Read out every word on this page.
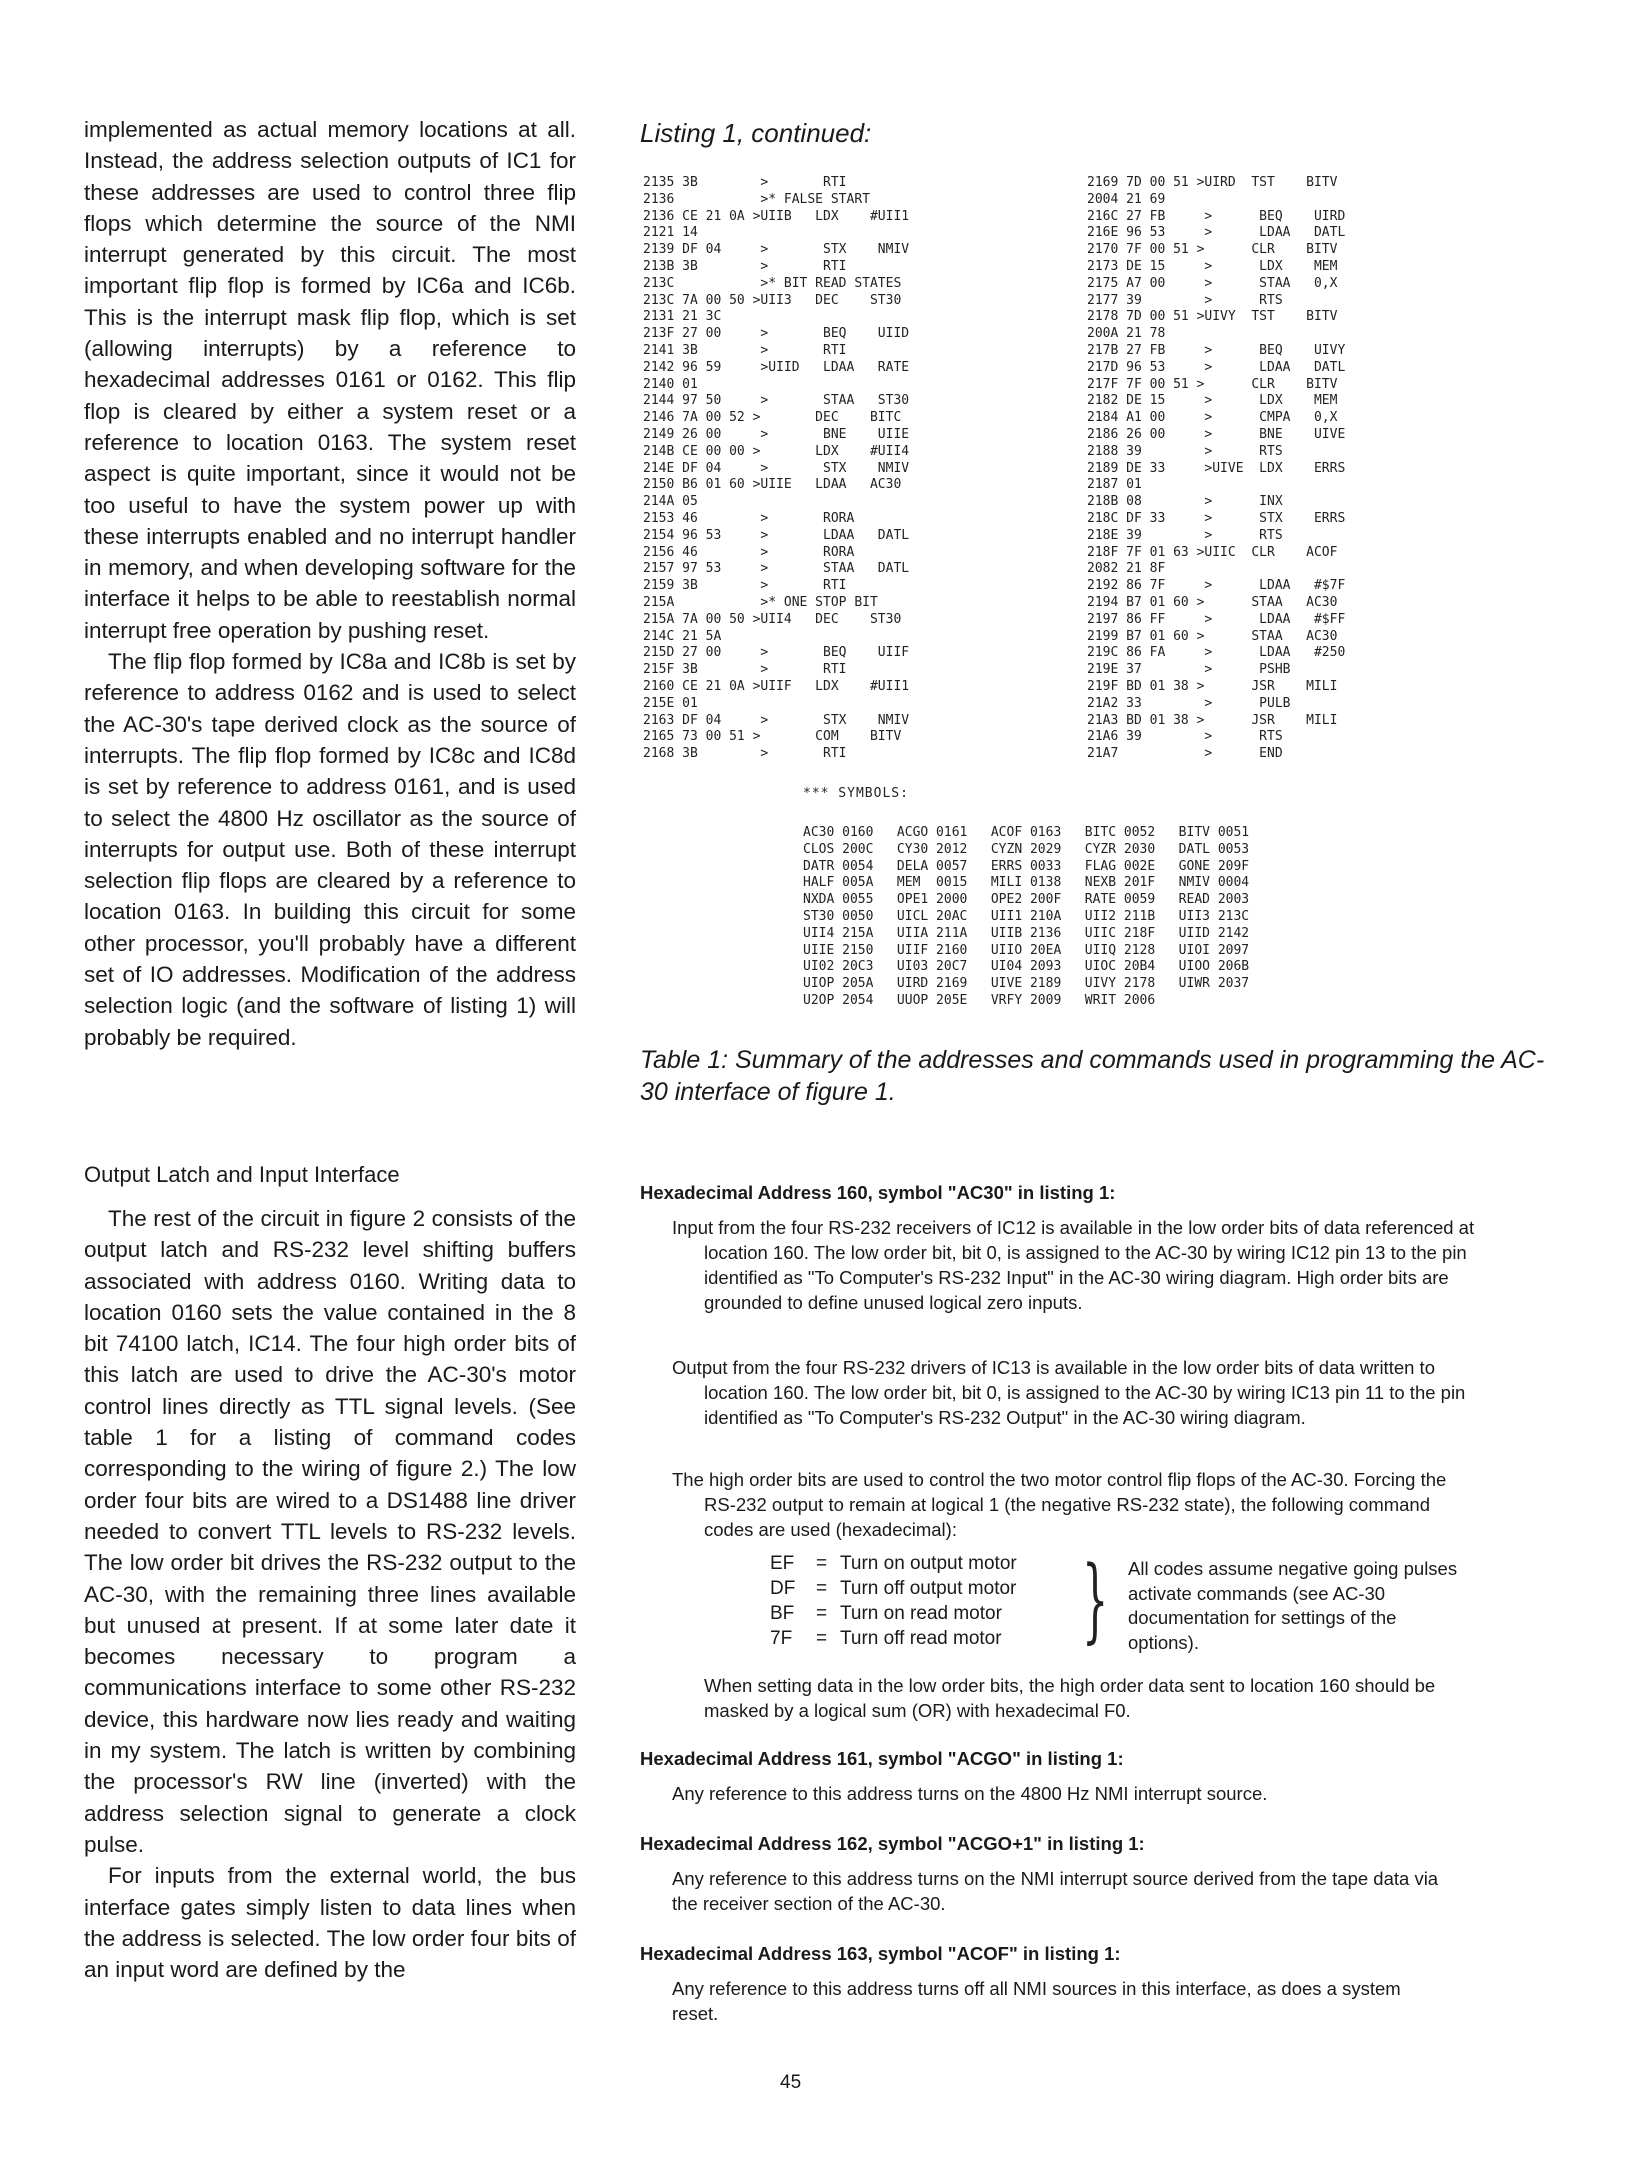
implemented as actual memory locations at all. Instead, the address selection outputs of IC1 for these addresses are used to control three flip flops which determine the source of the NMI interrupt generated by this circuit. The most important flip flop is formed by IC6a and IC6b. This is the interrupt mask flip flop, which is set (allowing interrupts) by a reference to hexadecimal addresses 0161 or 0162. This flip flop is cleared by either a system reset or a reference to location 0163. The system reset aspect is quite important, since it would not be too useful to have the system power up with these interrupts enabled and no interrupt handler in memory, and when developing software for the interface it helps to be able to reestablish normal interrupt free operation by pushing reset.

The flip flop formed by IC8a and IC8b is set by reference to address 0162 and is used to select the AC-30's tape derived clock as the source of interrupts. The flip flop formed by IC8c and IC8d is set by reference to address 0161, and is used to select the 4800 Hz oscillator as the source of interrupts for output use. Both of these interrupt selection flip flops are cleared by a reference to location 0163. In building this circuit for some other processor, you'll probably have a different set of IO addresses. Modification of the address selection logic (and the software of listing 1) will probably be required.

Output Latch and Input Interface

The rest of the circuit in figure 2 consists of the output latch and RS-232 level shifting buffers associated with address 0160. Writing data to location 0160 sets the value contained in the 8 bit 74100 latch, IC14. The four high order bits of this latch are used to drive the AC-30's motor control lines directly as TTL signal levels. (See table 1 for a listing of command codes corresponding to the wiring of figure 2.) The low order four bits are wired to a DS1488 line driver needed to convert TTL levels to RS-232 levels. The low order bit drives the RS-232 output to the AC-30, with the remaining three lines available but unused at present. If at some later date it becomes necessary to program a communications interface to some other RS-232 device, this hardware now lies ready and waiting in my system. The latch is written by combining the processor's RW line (inverted) with the address selection signal to generate a clock pulse.

For inputs from the external world, the bus interface gates simply listen to data lines when the address is selected. The low order four bits of an input word are defined by the

Listing 1, continued:

2135 3B        >       RTI
2136           >* FALSE START
2136 CE 21 0A >UIIB   LDX    #UII1
2121 14
2139 DF 04     >       STX    NMIV
213B 3B        >       RTI
213C           >* BIT READ STATES
213C 7A 00 50 >UII3   DEC    ST30
2131 21 3C
213F 27 00     >       BEQ    UIID
2141 3B        >       RTI
2142 96 59     >UIID   LDAA   RATE
2140 01
2144 97 50     >       STAA   ST30
2146 7A 00 52 >       DEC    BITC
2149 26 00     >       BNE    UIIE
214B CE 00 00 >       LDX    #UII4
214E DF 04     >       STX    NMIV
2150 B6 01 60 >UIIE   LDAA   AC30
214A 05
2153 46        >       RORA
2154 96 53     >       LDAA   DATL
2156 46        >       RORA
2157 97 53     >       STAA   DATL
2159 3B        >       RTI
215A           >* ONE STOP BIT
215A 7A 00 50 >UII4   DEC    ST30
214C 21 5A
215D 27 00     >       BEQ    UIIF
215F 3B        >       RTI
2160 CE 21 0A >UIIF   LDX    #UII1
215E 01
2163 DF 04     >       STX    NMIV
2165 73 00 51 >       COM    BITV
2168 3B        >       RTI
2169 7D 00 51 >UIRD  TST    BITV
2004 21 69
216C 27 FB     >      BEQ    UIRD
216E 96 53     >      LDAA   DATL
2170 7F 00 51 >      CLR    BITV
2173 DE 15     >      LDX    MEM
2175 A7 00     >      STAA   0,X
2177 39        >      RTS
2178 7D 00 51 >UIVY  TST    BITV
200A 21 78
217B 27 FB     >      BEQ    UIVY
217D 96 53     >      LDAA   DATL
217F 7F 00 51 >      CLR    BITV
2182 DE 15     >      LDX    MEM
2184 A1 00     >      CMPA   0,X
2186 26 00     >      BNE    UIVE
2188 39        >      RTS
2189 DE 33     >UIVE  LDX    ERRS
2187 01
218B 08        >      INX
218C DF 33     >      STX    ERRS
218E 39        >      RTS
218F 7F 01 63 >UIIC  CLR    ACOF
2082 21 8F
2192 86 7F     >      LDAA   #$7F
2194 B7 01 60 >      STAA   AC30
2197 86 FF     >      LDAA   #$FF
2199 B7 01 60 >      STAA   AC30
219C 86 FA     >      LDAA   #250
219E 37        >      PSHB
219F BD 01 38 >      JSR    MILI
21A2 33        >      PULB
21A3 BD 01 38 >      JSR    MILI
21A6 39        >      RTS
21A7           >      END
*** SYMBOLS:
AC30 0160   ACGO 0161   ACOF 0163   BITC 0052   BITV 0051
CLOS 200C   CY30 2012   CYZN 2029   CYZR 2030   DATL 0053
DATR 0054   DELA 0057   ERRS 0033   FLAG 002E   GONE 209F
HALF 005A   MEM  0015   MILI 0138   NEXB 201F   NMIV 0004
NXDA 0055   OPE1 2000   OPE2 200F   RATE 0059   READ 2003
ST30 0050   UICL 20AC   UII1 210A   UII2 211B   UII3 213C
UII4 215A   UIIA 211A   UIIB 2136   UIIC 218F   UIID 2142
UIIE 2150   UIIF 2160   UIIO 20EA   UIIQ 2128   UIOI 2097
UI02 20C3   UI03 20C7   UI04 2093   UIOC 20B4   UIOO 206B
UIOP 205A   UIRD 2169   UIVE 2189   UIVY 2178   UIWR 2037
U2OP 2054   UUOP 205E   VRFY 2009   WRIT 2006

Table 1: Summary of the addresses and commands used in programming the AC-30 interface of figure 1.

Hexadecimal Address 160, symbol "AC30" in listing 1:

Input from the four RS-232 receivers of IC12 is available in the low order bits of data referenced at location 160. The low order bit, bit 0, is assigned to the AC-30 by wiring IC12 pin 13 to the pin identified as "To Computer's RS-232 Input" in the AC-30 wiring diagram. High order bits are grounded to define unused logical zero inputs.

Output from the four RS-232 drivers of IC13 is available in the low order bits of data written to location 160. The low order bit, bit 0, is assigned to the AC-30 by wiring IC13 pin 11 to the pin identified as "To Computer's RS-232 Output" in the AC-30 wiring diagram.

The high order bits are used to control the two motor control flip flops of the AC-30. Forcing the RS-232 output to remain at logical 1 (the negative RS-232 state), the following command codes are used (hexadecimal):

EF = Turn on output motor
DF = Turn off output motor
BF = Turn on read motor
7F = Turn off read motor } All codes assume negative going pulses activate commands (see AC-30 documentation for settings of the options).

When setting data in the low order bits, the high order data sent to location 160 should be masked by a logical sum (OR) with hexadecimal F0.

Hexadecimal Address 161, symbol "ACGO" in listing 1:

Any reference to this address turns on the 4800 Hz NMI interrupt source.

Hexadecimal Address 162, symbol "ACGO+1" in listing 1:

Any reference to this address turns on the NMI interrupt source derived from the tape data via the receiver section of the AC-30.

Hexadecimal Address 163, symbol "ACOF" in listing 1:

Any reference to this address turns off all NMI sources in this interface, as does a system reset.

45
